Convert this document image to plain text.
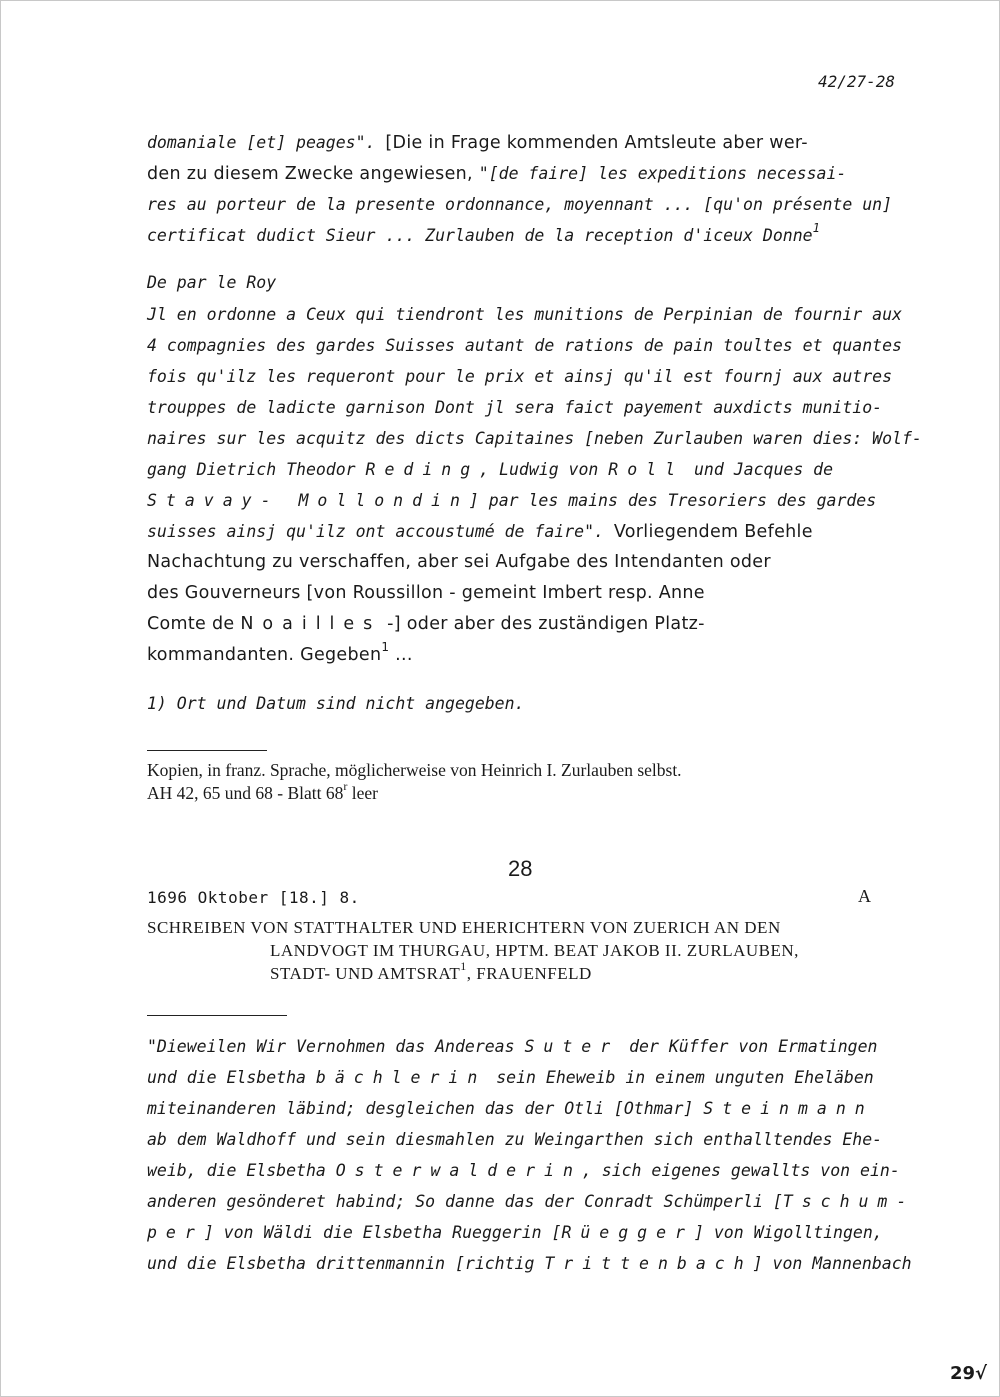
42/27-28
domaniale [et] peages". [Die in Frage kommenden Amtsleute aber wer-
den zu diesem Zwecke angewiesen, "[de faire] les expeditions necessai-
res au porteur de la presente ordonnance, moyennant ... [qu'on présente un]
certificat dudict Sieur ... Zurlauben de la reception d'iceux Donne$^1$
De par le Roy
Jl en ordonne a Ceux qui tiendront les munitions de Perpinian de fournir aux
4 compagnies des gardes Suisses autant de rations de pain toultes et quantes
fois qu'ilz les requeront pour le prix et ainsj qu'il est fournj aux autres
trouppes de ladicte garnison Dont jl sera faict payement auxdicts munitio-
naires sur les acquitz des dicts Capitaines [neben Zurlauben waren dies: Wolf-
gang Dietrich Theodor Reding, Ludwig von Roll und Jacques de
Stavay- Mollondin] par les mains des Tresoriers des gardes
suisses ainsj qu'ilz ont accoustumé de faire". Vorliegendem Befehle
Nachachtung zu verschaffen, aber sei Aufgabe des Intendanten oder
des Gouverneurs [von Roussillon - gemeint Imbert resp. Anne
Comte de Noailles -] oder aber des zuständigen Platz-
kommandanten. Gegeben$^1$ ...
1) Ort und Datum sind nicht angegeben.
Kopien, in franz. Sprache, möglicherweise von Heinrich I. Zurlauben selbst.
AH 42, 65 und 68 - Blatt 68$^r$ leer
28
1696 Oktober [18.] 8.	A
SCHREIBEN VON STATTHALTER UND EHERICHTERN VON ZUERICH AN DEN
LANDVOGT IM THURGAU, HPTM. BEAT JAKOB II. ZURLAUBEN,
STADT- UND AMTSRAT$^1$, FRAUENFELD
"Dieweilen Wir Vernohmen das Andereas Suter der Küffer von Ermatingen
und die Elsbetha bächlerin sein Eheweib in einem unguten Eheläben
miteinanderen läbind; desgleichen das der Otli [Othmar] Steinmann
ab dem Waldhoff und sein diesmahlen zu Weingarthen sich enthalltendes Ehe-
weib, die Elsbetha Osterwalderin, sich eigenes gewallts von ein-
anderen gesönderet habind; So danne das der Conradt Schümperli [Tschum-
per] von Wäldi die Elsbetha Rueggerin [Rüegger] von Wigolltingen,
und die Elsbetha drittenmannin [richtig Trittenbach] von Mannenbach
29√
